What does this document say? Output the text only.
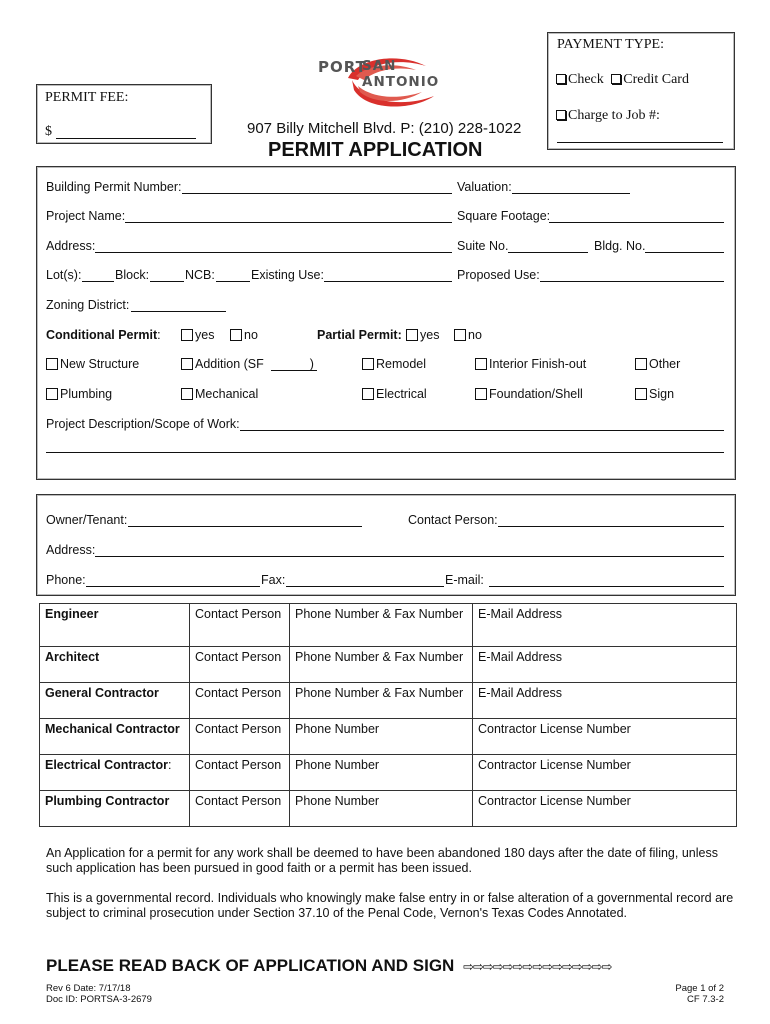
PAYMENT TYPE:
Check Credit Card
Charge to Job #:
PERMIT FEE:
$
PORT
SAN ANTONIO
907 Billy Mitchell Blvd. P: (210) 228-1022
PERMIT APPLICATION
Building Permit Number:	Valuation:
Project Name:	Square Footage:
Address:	Suite No.	Bldg. No.
Lot(s):	Block:	NCB:	Existing Use:	Proposed Use:
Zoning District:
Conditional Permit:	yes	no	Partial Permit:	yes	no
New Structure	Addition (SF	)	Remodel	Interior Finish-out	Other
Plumbing	Mechanical	Electrical	Foundation/Shell	Sign
Project Description/Scope of Work:
Owner/Tenant:	Contact Person:
Address:
Phone:	Fax:	E-mail:
Engineer	Contact Person	Phone Number & Fax Number	E-Mail Address
Architect	Contact Person	Phone Number & Fax Number	E-Mail Address
General Contractor	Contact Person	Phone Number & Fax Number	E-Mail Address
Mechanical Contractor	Contact Person	Phone Number	Contractor License Number
Electrical Contractor:	Contact Person	Phone Number	Contractor License Number
Plumbing Contractor	Contact Person	Phone Number	Contractor License Number
An Application for a permit for any work shall be deemed to have been abandoned 180 days after the date of filing, unless such application has been pursued in good faith or a permit has been issued.
This is a governmental record. Individuals who knowingly make false entry in or false alteration of a governmental record are subject to criminal prosecution under Section 37.10 of the Penal Code, Vernon's Texas Codes Annotated.
PLEASE READ BACK OF APPLICATION AND SIGN ⇨⇨⇨⇨⇨⇨⇨⇨⇨⇨⇨⇨⇨⇨⇨
Rev 6 Date: 7/17/18
Doc ID: PORTSA-3-2679
Page 1 of 2
CF 7.3-2
